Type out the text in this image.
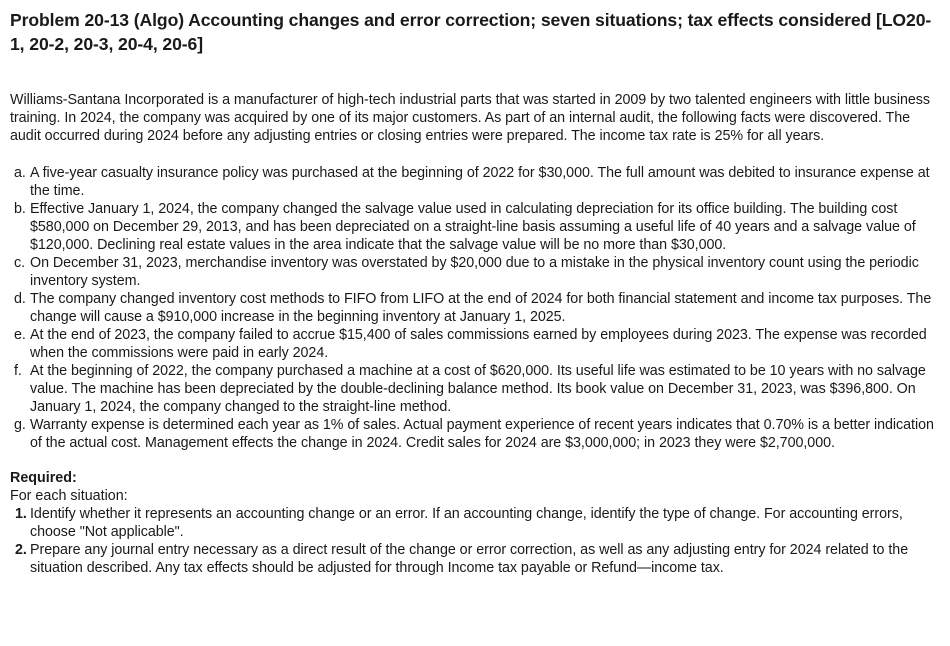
Problem 20-13 (Algo) Accounting changes and error correction; seven situations; tax effects considered [LO20-1, 20-2, 20-3, 20-4, 20-6]

Williams-Santana Incorporated is a manufacturer of high-tech industrial parts that was started in 2009 by two talented engineers with little business training. In 2024, the company was acquired by one of its major customers. As part of an internal audit, the following facts were discovered. The audit occurred during 2024 before any adjusting entries or closing entries were prepared. The income tax rate is 25% for all years.

a. A five-year casualty insurance policy was purchased at the beginning of 2022 for $30,000. The full amount was debited to insurance expense at the time.
b. Effective January 1, 2024, the company changed the salvage value used in calculating depreciation for its office building. The building cost $580,000 on December 29, 2013, and has been depreciated on a straight-line basis assuming a useful life of 40 years and a salvage value of $120,000. Declining real estate values in the area indicate that the salvage value will be no more than $30,000.
c. On December 31, 2023, merchandise inventory was overstated by $20,000 due to a mistake in the physical inventory count using the periodic inventory system.
d. The company changed inventory cost methods to FIFO from LIFO at the end of 2024 for both financial statement and income tax purposes. The change will cause a $910,000 increase in the beginning inventory at January 1, 2025.
e. At the end of 2023, the company failed to accrue $15,400 of sales commissions earned by employees during 2023. The expense was recorded when the commissions were paid in early 2024.
f. At the beginning of 2022, the company purchased a machine at a cost of $620,000. Its useful life was estimated to be 10 years with no salvage value. The machine has been depreciated by the double-declining balance method. Its book value on December 31, 2023, was $396,800. On January 1, 2024, the company changed to the straight-line method.
g. Warranty expense is determined each year as 1% of sales. Actual payment experience of recent years indicates that 0.70% is a better indication of the actual cost. Management effects the change in 2024. Credit sales for 2024 are $3,000,000; in 2023 they were $2,700,000.

Required:

For each situation:

1. Identify whether it represents an accounting change or an error. If an accounting change, identify the type of change. For accounting errors, choose "Not applicable".
2. Prepare any journal entry necessary as a direct result of the change or error correction, as well as any adjusting entry for 2024 related to the situation described. Any tax effects should be adjusted for through Income tax payable or Refund—income tax.
